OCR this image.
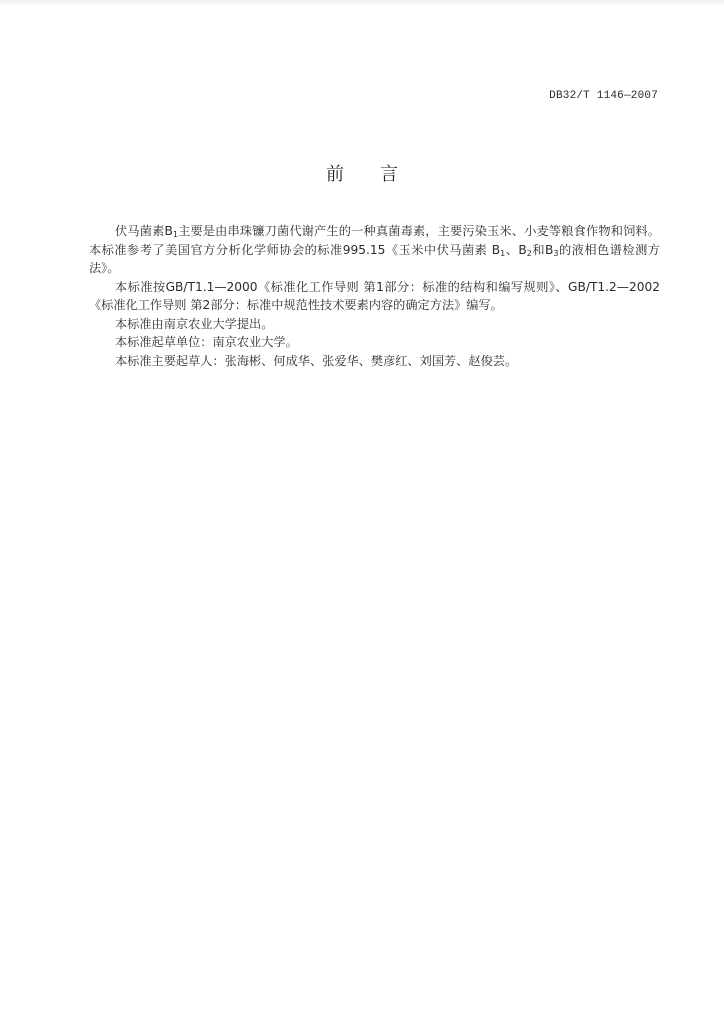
DB32/T 1146—2007
前 言

伏马菌素$B_1$主要是由串珠镰刀菌代谢产生的一种真菌毒素，主要污染玉米、小麦等粮食作物和饲料。本标准参考了美国官方分析化学师协会的标准995.15《玉米中伏马菌素 $B_1$、$B_2$和$B_3$的液相色谱检测方法》。

本标准按GB/T1.1—2000《标准化工作导则 第1部分：标准的结构和编写规则》、GB/T1.2—2002《标准化工作导则 第2部分：标准中规范性技术要素内容的确定方法》编写。

本标准由南京农业大学提出。

本标准起草单位：南京农业大学。

本标准主要起草人：张海彬、何成华、张爱华、樊彦红、刘国芳、赵俊芸。
